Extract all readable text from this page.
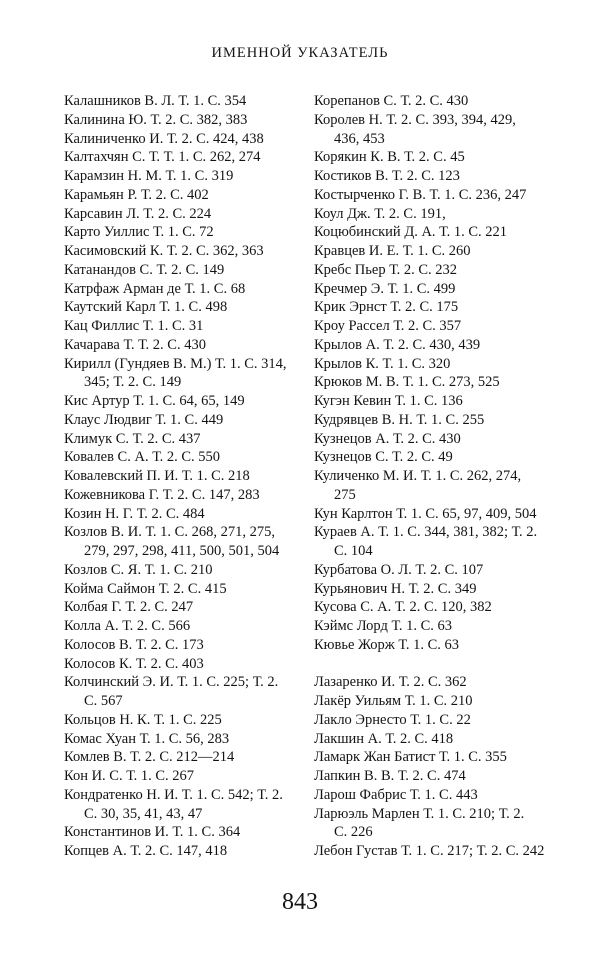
ИМЕННОЙ УКАЗАТЕЛЬ
Калашников В. Л. Т. 1. С. 354
Калинина Ю. Т. 2. С. 382, 383
Калиниченко И. Т. 2. С. 424, 438
Калтахчян С. Т. Т. 1. С. 262, 274
Карамзин Н. М. Т. 1. С. 319
Карамьян Р. Т. 2. С. 402
Карсавин Л. Т. 2. С. 224
Карто Уиллис Т. 1. С. 72
Касимовский К. Т. 2. С. 362, 363
Катанандов С. Т. 2. С. 149
Катрфаж Арман де Т. 1. С. 68
Каутский Карл Т. 1. С. 498
Кац Филлис Т. 1. С. 31
Качарава Т. Т. 2. С. 430
Кирилл (Гундяев В. М.) Т. 1. С. 314,
345; Т. 2. С. 149
Кис Артур Т. 1. С. 64, 65, 149
Клаус Людвиг Т. 1. С. 449
Климук С. Т. 2. С. 437
Ковалев С. А. Т. 2. С. 550
Ковалевский П. И. Т. 1. С. 218
Кожевникова Г. Т. 2. С. 147, 283
Козин Н. Г. Т. 2. С. 484
Козлов В. И. Т. 1. С. 268, 271, 275,
279, 297, 298, 411, 500, 501, 504
Козлов С. Я. Т. 1. С. 210
Койма Саймон Т. 2. С. 415
Колбая Г. Т. 2. С. 247
Колла А. Т. 2. С. 566
Колосов В. Т. 2. С. 173
Колосов К. Т. 2. С. 403
Колчинский Э. И. Т. 1. С. 225; Т. 2.
С. 567
Кольцов Н. К. Т. 1. С. 225
Комас Хуан Т. 1. С. 56, 283
Комлев В. Т. 2. С. 212—214
Кон И. С. Т. 1. С. 267
Кондратенко Н. И. Т. 1. С. 542; Т. 2.
С. 30, 35, 41, 43, 47
Константинов И. Т. 1. С. 364
Копцев А. Т. 2. С. 147, 418
Корепанов С. Т. 2. С. 430
Королев Н. Т. 2. С. 393, 394, 429,
436, 453
Корякин К. В. Т. 2. С. 45
Костиков В. Т. 2. С. 123
Костырченко Г. В. Т. 1. С. 236, 247
Коул Дж. Т. 2. С. 191,
Коцюбинский Д. А. Т. 1. С. 221
Кравцев И. Е. Т. 1. С. 260
Кребс Пьер Т. 2. С. 232
Кречмер Э. Т. 1. С. 499
Крик Эрнст Т. 2. С. 175
Кроу Рассел Т. 2. С. 357
Крылов А. Т. 2. С. 430, 439
Крылов К. Т. 1. С. 320
Крюков М. В. Т. 1. С. 273, 525
Кугэн Кевин Т. 1. С. 136
Кудрявцев В. Н. Т. 1. С. 255
Кузнецов А. Т. 2. С. 430
Кузнецов С. Т. 2. С. 49
Куличенко М. И. Т. 1. С. 262, 274,
275
Кун Карлтон Т. 1. С. 65, 97, 409, 504
Кураев А. Т. 1. С. 344, 381, 382; Т. 2.
С. 104
Курбатова О. Л. Т. 2. С. 107
Курьянович Н. Т. 2. С. 349
Кусова С. А. Т. 2. С. 120, 382
Кэймс Лорд Т. 1. С. 63
Кювье Жорж Т. 1. С. 63
Лазаренко И. Т. 2. С. 362
Лакёр Уильям Т. 1. С. 210
Лакло Эрнесто Т. 1. С. 22
Лакшин А. Т. 2. С. 418
Ламарк Жан Батист Т. 1. С. 355
Лапкин В. В. Т. 2. С. 474
Ларош Фабрис Т. 1. С. 443
Ларюэль Марлен Т. 1. С. 210; Т. 2.
С. 226
Лебон Густав Т. 1. С. 217; Т. 2. С. 242
843
